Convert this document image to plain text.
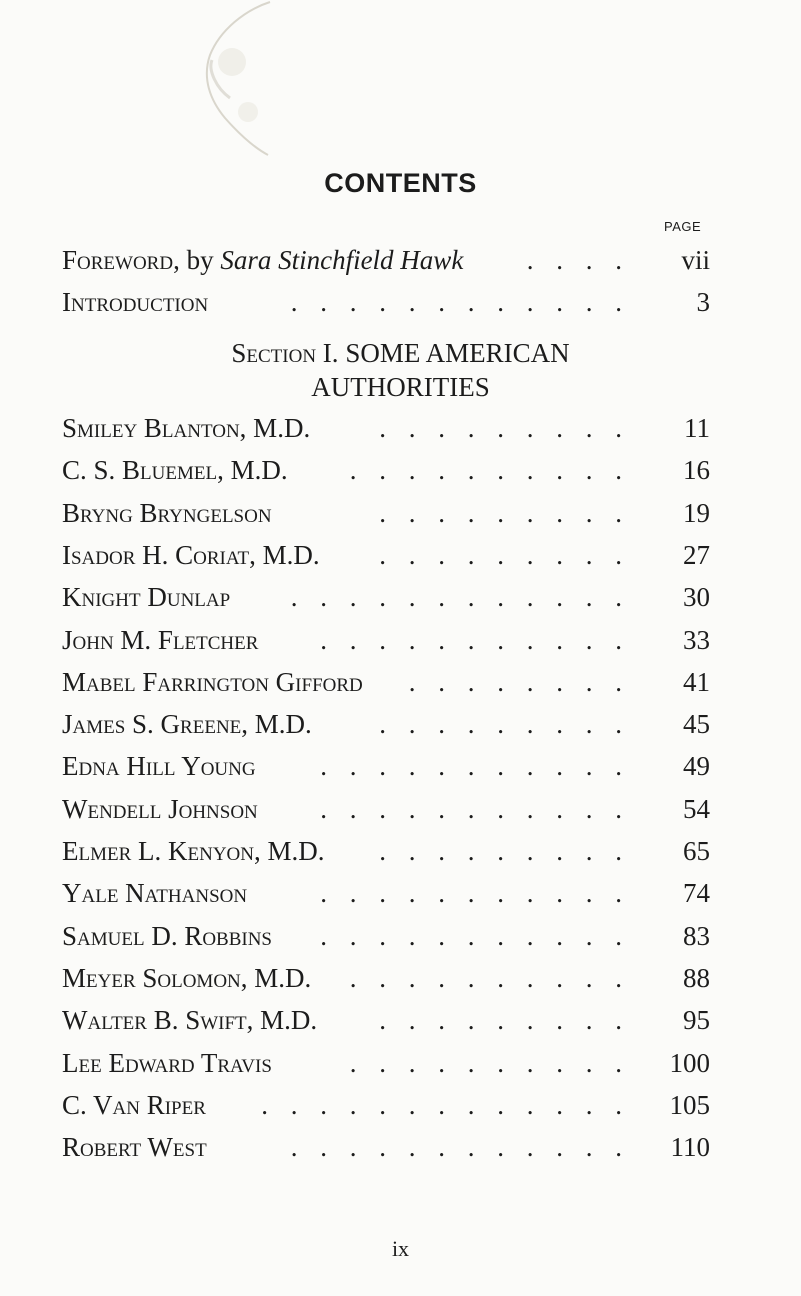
CONTENTS
PAGE
Foreword, by Sara Stinchfield Hawk . . . . vii
Introduction	. . . . . . . . . . . . 3
Section I. SOME AMERICAN
AUTHORITIES
Smiley Blanton, M.D.	. . . . . . . . . 11
C. S. Bluemel, M.D. . . . . . . . . . . 16
Bryng Bryngelson	. . . . . . . . . 19
Isador H. Coriat, M.D. . . . . . . . . . 27
Knight Dunlap . . . . . . . . . . . . 30
John M. Fletcher . . . . . . . . . . . 33
Mabel Farrington Gifford . . . . . . . . 41
James S. Greene, M.D. . . . . . . . . . 45
Edna Hill Young . . . . . . . . . . . 49
Wendell Johnson . . . . . . . . . . . 54
Elmer L. Kenyon, M.D. . . . . . . . . . 65
Yale Nathanson	. . . . . . . . . . . 74
Samuel D. Robbins . . . . . . . . . . . 83
Meyer Solomon, M.D. . . . . . . . . . . 88
Walter B. Swift, M.D. . . . . . . . . . 95
Lee Edward Travis	. . . . . . . . . . 100
C. Van Riper . . . . . . . . . . . . . 105
Robert West	. . . . . . . . . . . . 110
ix
